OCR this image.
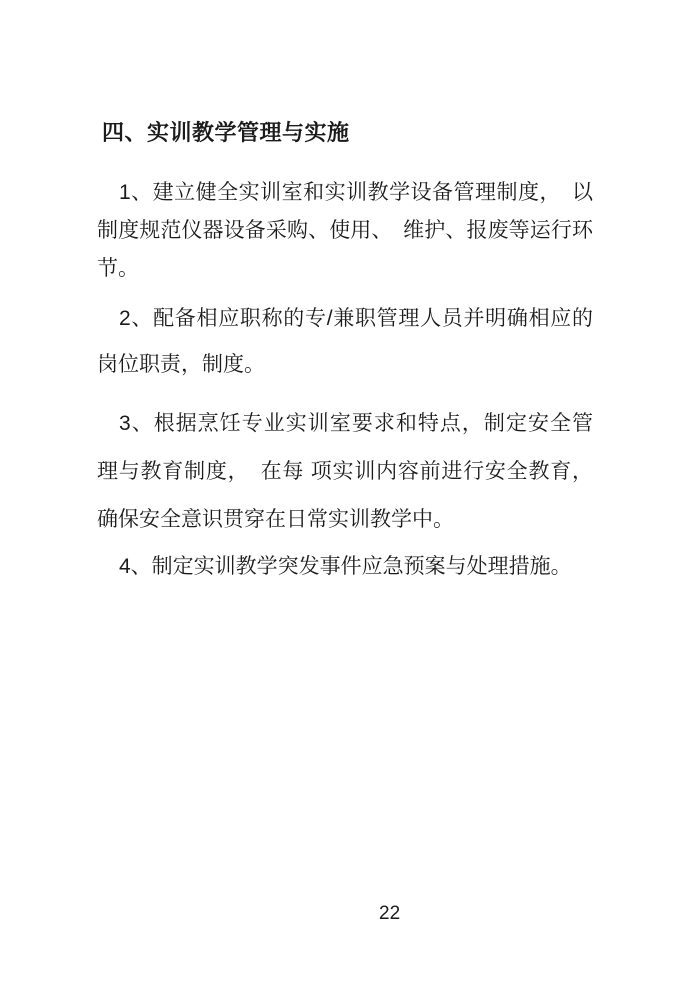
四、实训教学管理与实施
1、建立健全实训室和实训教学设备管理制度，　以
制度规范仪器设备采购、使用、 维护、报废等运行环
节。
2、配备相应职称的专/兼职管理人员并明确相应的
岗位职责，制度。
3、根据烹饪专业实训室要求和特点，制定安全管
理与教育制度，　在每 项实训内容前进行安全教育，
确保安全意识贯穿在日常实训教学中。
4、制定实训教学突发事件应急预案与处理措施。
22
